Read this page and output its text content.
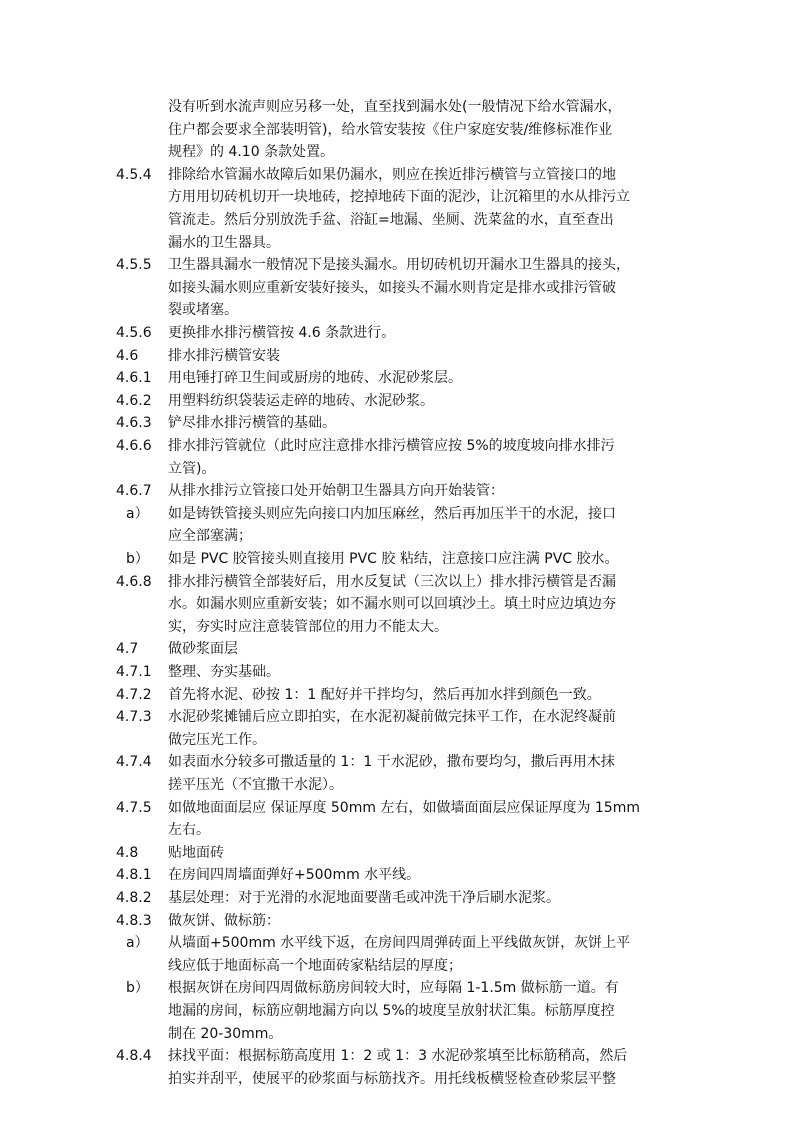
没有听到水流声则应另移一处，直至找到漏水处(一般情况下给水管漏水，
住户都会要求全部装明管)，给水管安装按《住户家庭安装/维修标准作业
规程》的 4.10 条款处置。
4.5.4 排除给水管漏水故障后如果仍漏水，则应在挨近排污横管与立管接口的地
方用用切砖机切开一块地砖，挖掉地砖下面的泥沙，让沉箱里的水从排污立
管流走。然后分别放洗手盆、浴缸=地漏、坐厕、洗菜盆的水，直至查出
漏水的卫生器具。
4.5.5 卫生器具漏水一般情况下是接头漏水。用切砖机切开漏水卫生器具的接头，
如接头漏水则应重新安装好接头，如接头不漏水则肯定是排水或排污管破
裂或堵塞。
4.5.6 更换排水排污横管按 4.6 条款进行。
4.6 排水排污横管安装
4.6.1 用电锤打碎卫生间或厨房的地砖、水泥砂浆层。
4.6.2 用塑料纺织袋装运走碎的地砖、水泥砂浆。
4.6.3 铲尽排水排污横管的基础。
4.6.6 排水排污管就位（此时应注意排水排污横管应按 5%的坡度坡向排水排污
立管)。
4.6.7 从排水排污立管接口处开始朝卫生器具方向开始装管：
a） 如是铸铁管接头则应先向接口内加压麻丝，然后再加压半干的水泥，接口
应全部塞满；
b） 如是 PVC 胶管接头则直接用 PVC 胶 粘结，注意接口应注满 PVC 胶水。
4.6.8 排水排污横管全部装好后，用水反复试（三次以上）排水排污横管是否漏
水。如漏水则应重新安装；如不漏水则可以回填沙土。填土时应边填边夯
实，夯实时应注意装管部位的用力不能太大。
4.7 做砂浆面层
4.7.1 整理、夯实基础。
4.7.2 首先将水泥、砂按 1：1 配好并干拌均匀，然后再加水拌到颜色一致。
4.7.3 水泥砂浆摊铺后应立即拍实，在水泥初凝前做完抹平工作，在水泥终凝前
做完压光工作。
4.7.4 如表面水分较多可撒适量的 1：1 干水泥砂，撒布要均匀，撒后再用木抹
搓平压光（不宜撒干水泥）。
4.7.5 如做地面面层应 保证厚度 50mm 左右，如做墙面面层应保证厚度为 15mm
左右。
4.8 贴地面砖
4.8.1 在房间四周墙面弹好+500mm 水平线。
4.8.2 基层处理：对于光滑的水泥地面要凿毛或冲洗干净后刷水泥浆。
4.8.3 做灰饼、做标筋：
a） 从墙面+500mm 水平线下返，在房间四周弹砖面上平线做灰饼，灰饼上平
线应低于地面标高一个地面砖家粘结层的厚度；
b） 根据灰饼在房间四周做标筋房间较大时，应每隔 1-1.5m 做标筋一道。有
地漏的房间，标筋应朝地漏方向以 5%的坡度呈放射状汇集。标筋厚度控
制在 20-30mm。
4.8.4 抹找平面：根据标筋高度用 1：2 或 1：3 水泥砂浆填至比标筋稍高，然后
拍实并刮平，使展平的砂浆面与标筋找齐。用托线板横竖检查砂浆层平整
